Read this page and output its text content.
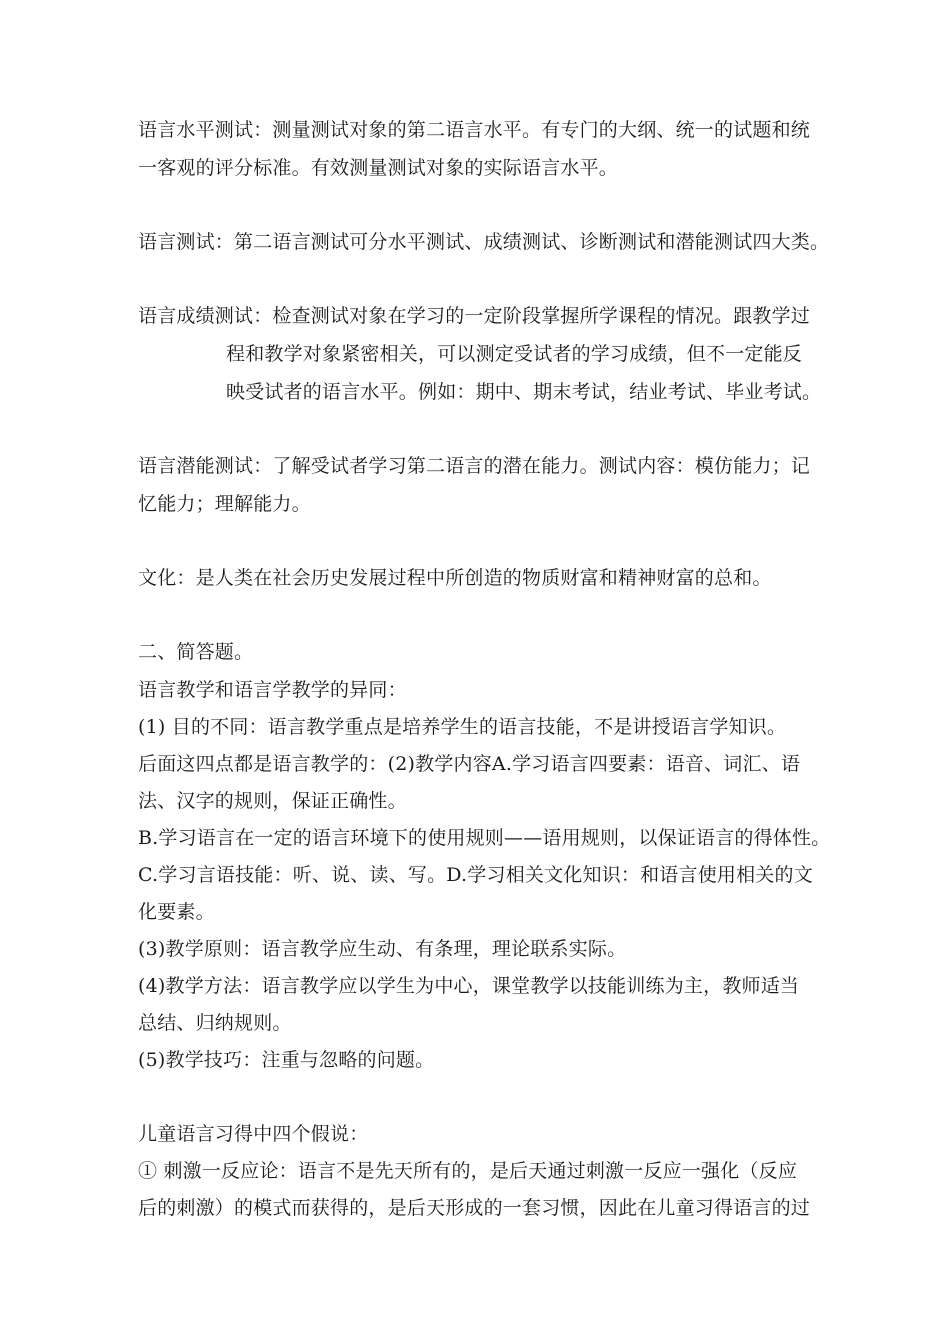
语言水平测试：测量测试对象的第二语言水平。有专门的大纲、统一的试题和统
一客观的评分标准。有效测量测试对象的实际语言水平。
语言测试：第二语言测试可分水平测试、成绩测试、诊断测试和潜能测试四大类。
语言成绩测试：检查测试对象在学习的一定阶段掌握所学课程的情况。跟教学过
程和教学对象紧密相关，可以测定受试者的学习成绩，但不一定能反
映受试者的语言水平。例如：期中、期末考试，结业考试、毕业考试。
语言潜能测试：了解受试者学习第二语言的潜在能力。测试内容：模仿能力；记
忆能力；理解能力。
文化：是人类在社会历史发展过程中所创造的物质财富和精神财富的总和。
二、简答题。
语言教学和语言学教学的异同：
(1) 目的不同：语言教学重点是培养学生的语言技能，不是讲授语言学知识。
后面这四点都是语言教学的：(2)教学内容A.学习语言四要素：语音、词汇、语
法、汉字的规则，保证正确性。
B.学习语言在一定的语言环境下的使用规则——语用规则，以保证语言的得体性。
C.学习言语技能：听、说、读、写。D.学习相关文化知识：和语言使用相关的文
化要素。
(3)教学原则：语言教学应生动、有条理，理论联系实际。
(4)教学方法：语言教学应以学生为中心，课堂教学以技能训练为主，教师适当
总结、归纳规则。
(5)教学技巧：注重与忽略的问题。
儿童语言习得中四个假说：
① 刺激一反应论：语言不是先天所有的，是后天通过刺激一反应一强化（反应
后的刺激）的模式而获得的，是后天形成的一套习惯，因此在儿童习得语言的过
